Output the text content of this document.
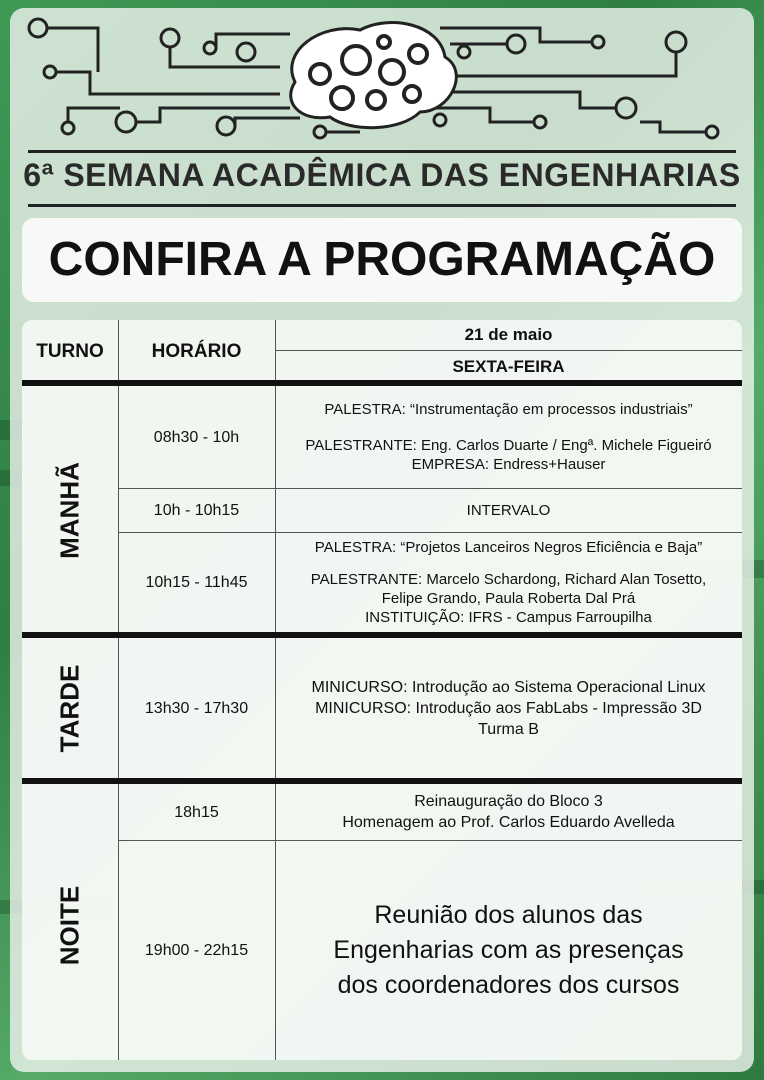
6ª SEMANA ACADÊMICA DAS ENGENHARIAS
CONFIRA A PROGRAMAÇÃO
TURNO	HORÁRIO
21 de maio
SEXTA-FEIRA
MANHÃ
TARDE
NOITE
08h30 - 10h
PALESTRA: “Instrumentação em processos industriais”
PALESTRANTE: Eng. Carlos Duarte / Engª. Michele Figueiró
EMPRESA: Endress+Hauser
10h - 10h15	INTERVALO
10h15 - 11h45
PALESTRA: “Projetos Lanceiros Negros Eficiência e Baja”
PALESTRANTE: Marcelo Schardong, Richard Alan Tosetto,
Felipe Grando, Paula Roberta Dal Prá
INSTITUIÇÃO: IFRS - Campus Farroupilha
13h30 - 17h30
MINICURSO: Introdução ao Sistema Operacional Linux
MINICURSO: Introdução aos FabLabs - Impressão 3D
Turma B
18h15
Reinauguração do Bloco 3
Homenagem ao Prof. Carlos Eduardo Avelleda
19h00 - 22h15
Reunião dos alunos das
Engenharias com as presenças
dos coordenadores dos cursos
